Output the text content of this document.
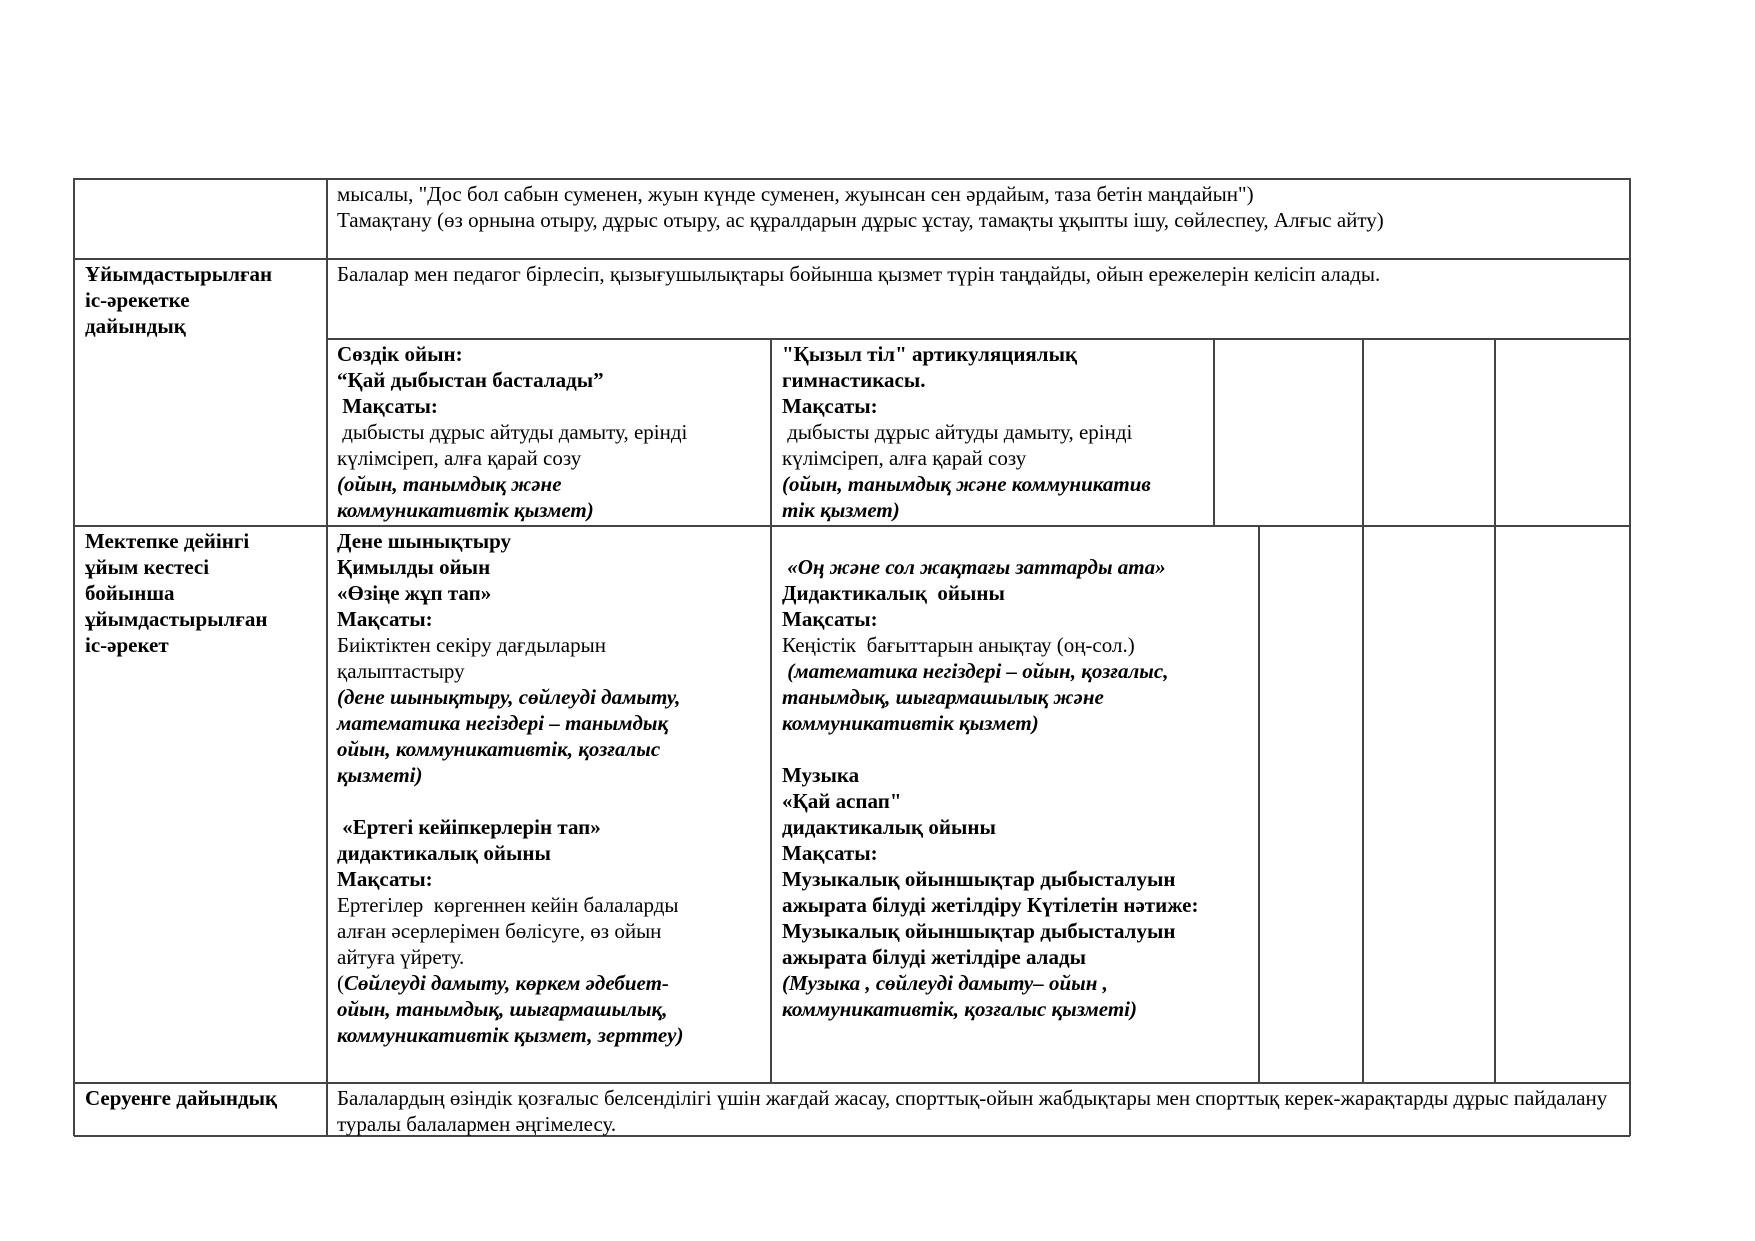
мысалы, "Дос бол сабын суменен, жуын күнде суменен, жуынсан сен әрдайым, таза бетін маңдайын")
Тамақтану (өз орнына отыру, дұрыс отыру, ас құралдарын дұрыс ұстау, тамақты ұқыпты ішу, сөйлеспеу, Алғыс айту)
Ұйымдастырылған
іс-әрекетке
дайындық
Балалар мен педагог бірлесіп, қызығушылықтары бойынша қызмет түрін таңдайды, ойын ережелерін келісіп алады.
Сөздік ойын:
“Қай дыбыстан басталады”
Мақсаты:
дыбысты дұрыс айтуды дамыту, ерінді
күлімсіреп, алға қарай созу
(ойын, танымдық және
коммуникативтік қызмет)
"Қызыл тіл" артикуляциялық
гимнастикасы.
Мақсаты:
дыбысты дұрыс айтуды дамыту, ерінді
күлімсіреп, алға қарай созу
(ойын, танымдық және коммуникатив
тік қызмет)
Мектепке дейінгі
ұйым кестесі
бойынша
ұйымдастырылған
іс-әрекет
Дене шынықтыру
Қимылды ойын
«Өзіңе жұп тап»
Мақсаты:
Биіктіктен секіру дағдыларын
қалыптастыру
(дене шынықтыру, сөйлеуді дамыту,
математика негіздері – танымдық
ойын, коммуникативтік, қозғалыс
қызметі)
«Ертегі кейіпкерлерін тап»
дидактикалық ойыны
Мақсаты:
Ертегілер  көргеннен кейін балаларды
алған әсерлерімен бөлісуге, өз ойын
айтуға үйрету.
(Сөйлеуді дамыту, көркем әдебиет-
ойын, танымдық, шығармашылық,
коммуникативтік қызмет, зерттеу)
«Оң және сол жақтағы заттарды ата»
Дидактикалық  ойыны
Мақсаты:
Кеңістік  бағыттарын анықтау (оң-сол.)
(математика негіздері – ойын, қозғалыс,
танымдық, шығармашылық және
коммуникативтік қызмет)
Музыка
«Қай аспап"
дидактикалық ойыны
Мақсаты:
Музыкалық ойыншықтар дыбысталуын
ажырата білуді жетілдіру Күтілетін нәтиже:
Музыкалық ойыншықтар дыбысталуын
ажырата білуді жетілдіре алады
(Музыка , сөйлеуді дамыту– ойын ,
коммуникативтік, қозғалыс қызметі)
Серуенге дайындық	Балалардың өзіндік қозғалыс белсенділігі үшін жағдай жасау, спорттық-ойын жабдықтары мен спорттық керек-жарақтарды дұрыс пайдалану туралы балалармен әңгімелесу.
